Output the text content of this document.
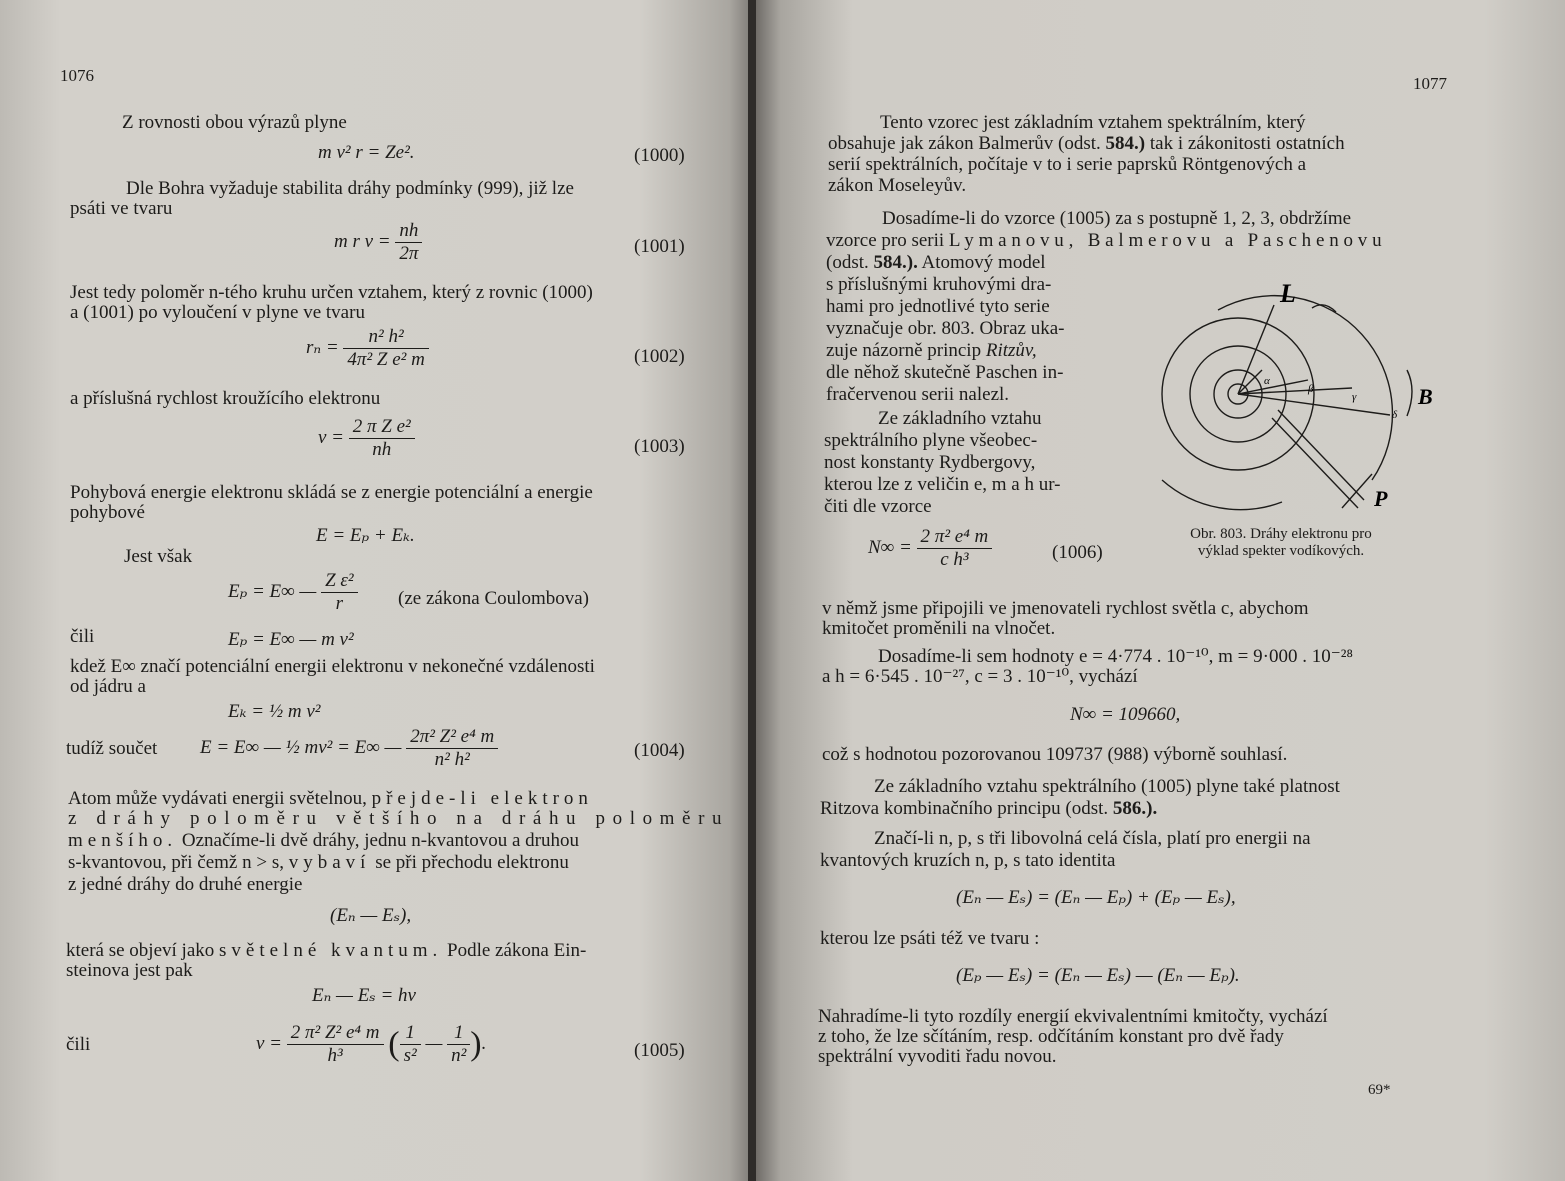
1076
Z rovnosti obou výrazů plyne
m v² r = Ze².	(1000)
Dle Bohra vyžaduje stabilita dráhy podmínky (999), již lze
psáti ve tvaru
m r $v = \frac{nh}{2\pi}$	(1001)
Jest tedy poloměr n-tého kruhu určen vztahem, který z rovnic (1000)
a (1001) po vyloučení v plyne ve tvaru
$r_n = \frac{\text{n² h²}}{\text{4π² Z e² m}}$	(1002)
a příslušná rychlost kroužícího elektronu
$v = \frac{\text{2 π Z e²}}{nh}$	(1003)
Pohybová energie elektronu skládá se z energie potenciální a energie
pohybové
E = Eₚ + Eₖ.
Jest však
Eₚ = E∞ — $\frac{\text{Z ε²}}{r} (ze$ zákona Coulombova)
čili	Eₚ = E∞ — m v²
kdež E∞ značí potenciální energii elektronu v nekonečné vzdálenosti
od jádru a
Eₖ = ½ m v²
tudíž součet E = E∞ — ½ mv² = E∞ — $\frac{\text{2π² Z² e⁴ m}}{\text{n² h²}}$	(1004)
Atom může vydávati energii světelnou, přejde-li elektron
z dráhy poloměru většího na dráhu poloměru
menšího. Označíme-li dvě dráhy, jednu n-kvantovou a druhou
s-kvantovou, při čemž n > s, vybaví se při přechodu elektronu
z jedné dráhy do druhé energie
(Eₙ — Eₛ),
která se objeví jako světelné kvantum. Podle zákona Ein-
steinova jest pak
Eₙ — Eₛ = hν
čili	$\nu = \frac{\text{2 π² Z² e⁴ m}}{\text{h³}}$ ( $\frac{1}{\text{s²}}$ — $\frac{1}{\text{n²}}$ ).	(1005)
1077
Tento vzorec jest základním vztahem spektrálním, který
obsahuje jak zákon Balmerův (odst. 584.) tak i zákonitosti ostatních
serií spektrálních, počítaje v to i serie paprsků Röntgenových a
zákon Moseleyův.
Dosadíme-li do vzorce (1005) za s postupně 1, 2, 3, obdržíme
vzorce pro serii Lymanovu, Balmerovu a Paschenovu
(odst. 584.). Atomový model
s příslušnými kruhovými dra-
hami pro jednotlivé tyto serie
vyznačuje obr. 803. Obraz uka-
zuje názorně princip Ritzův,
dle něhož skutečně Paschen in-
fračervenou serii nalezl.
Ze základního vztahu
spektrálního plyne všeobec-
nost konstanty Rydbergovy,
kterou lze z veličin e, m a h ur-
čiti dle vzorce
$N\infty = \frac{\text{2 π² e⁴ m}}{\text{c h³}}$	(1006)
L
B
P
α
β
γ
δ
Obr. 803. Dráhy elektronu pro
výklad spekter vodíkových.
v němž jsme připojili ve jmenovateli rychlost světla c, abychom
kmitočet proměnili na vlnočet.
Dosadíme-li sem hodnoty e = 4·774 . 10⁻¹⁰, m = 9·000 . 10⁻²⁸
a h = 6·545 . 10⁻²⁷, c = 3 . 10⁻¹⁰, vychází
N∞ = 109660,
což s hodnotou pozorovanou 109737 (988) výborně souhlasí.
Ze základního vztahu spektrálního (1005) plyne také platnost
Ritzova kombinačního principu (odst. 586.).
Značí-li n, p, s tři libovolná celá čísla, platí pro energii na
kvantových kruzích n, p, s tato identita
(Eₙ — Eₛ) = (Eₙ — Eₚ) + (Eₚ — Eₛ),
kterou lze psáti též ve tvaru :
(Eₚ — Eₛ) = (Eₙ — Eₛ) — (Eₙ — Eₚ).
Nahradíme-li tyto rozdíly energií ekvivalentními kmitočty, vychází
z toho, že lze sčítáním, resp. odčítáním konstant pro dvě řady
spektrální vyvoditi řadu novou.
69*
